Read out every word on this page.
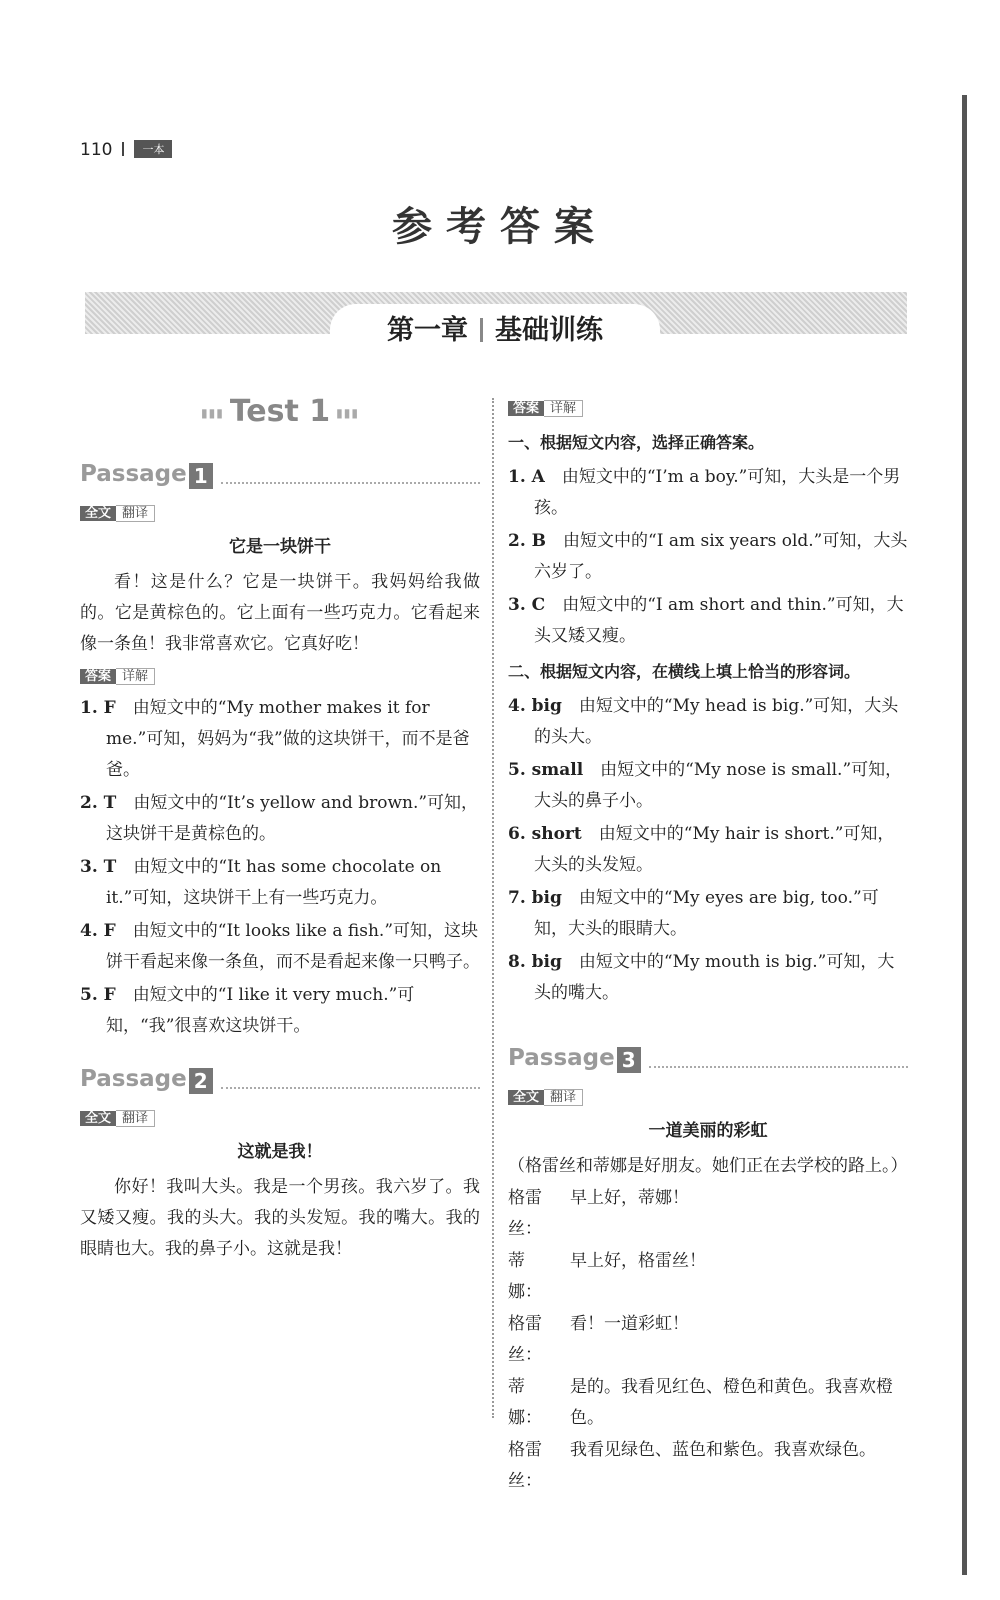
110	一本
参考答案
第一章 基础训练
▮▮▮ Test 1 ▮▮▮
Passage 1
全文 翻译
它是一块饼干

看！这是什么？它是一块饼干。我妈妈给我做的。它是黄棕色的。它上面有一些巧克力。它看起来像一条鱼！我非常喜欢它。它真好吃！

答案 详解
1. F　 由短文中的“My mother makes it for me.”可知，妈妈为“我”做的这块饼干，而不是爸爸。
2. T　 由短文中的“It’s yellow and brown.”可知，这块饼干是黄棕色的。
3. T　 由短文中的“It has some chocolate on it.”可知，这块饼干上有一些巧克力。
4. F　 由短文中的“It looks like a fish.”可知，这块饼干看起来像一条鱼，而不是看起来像一只鸭子。
5. F　 由短文中的“I like it very much.”可知，“我”很喜欢这块饼干。
Passage 2
全文 翻译
这就是我！

你好！我叫大头。我是一个男孩。我六岁了。我又矮又瘦。我的头大。我的头发短。我的嘴大。我的眼睛也大。我的鼻子小。这就是我！

答案 详解
一、根据短文内容，选择正确答案。
1. A　 由短文中的“I’m a boy.”可知，大头是一个男孩。
2. B　 由短文中的“I am six years old.”可知，大头六岁了。
3. C　 由短文中的“I am short and thin.”可知，大头又矮又瘦。
二、根据短文内容，在横线上填上恰当的形容词。
4. big　 由短文中的“My head is big.”可知，大头的头大。
5. small　 由短文中的“My nose is small.”可知，大头的鼻子小。
6. short　 由短文中的“My hair is short.”可知，大头的头发短。
7. big　 由短文中的“My eyes are big, too.”可知，大头的眼睛大。
8. big　 由短文中的“My mouth is big.”可知，大头的嘴大。
Passage 3
全文 翻译
一道美丽的彩虹

（格雷丝和蒂娜是好朋友。她们正在去学校的路上。）

格雷丝：
早上好，蒂娜！
蒂　娜：
早上好，格雷丝！
格雷丝：
看！一道彩虹！
蒂　娜：
是的。我看见红色、橙色和黄色。我喜欢橙色。
格雷丝：
我看见绿色、蓝色和紫色。我喜欢绿色。
